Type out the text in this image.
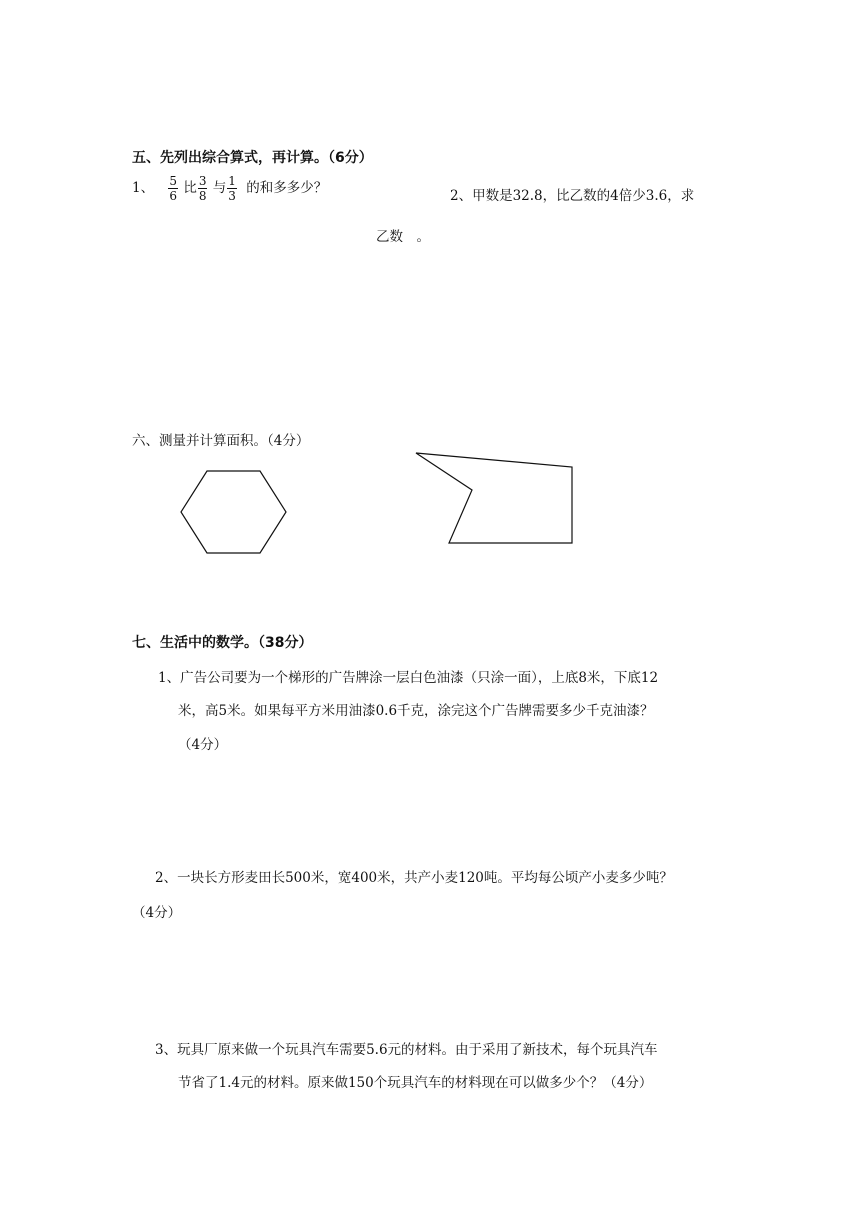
五、先列出综合算式，再计算。（6分）
1、 $\frac{5}{6}$ 比 $\frac{3}{8}$ 与 $\frac{1}{3}$ 的和多多少？	2、甲数是32.8，比乙数的4倍少3.6，求
乙数　。
六、测量并计算面积。（4分）
七、生活中的数学。（38分）
1、广告公司要为一个梯形的广告牌涂一层白色油漆（只涂一面），上底8米，下底12
米，高5米。如果每平方米用油漆0.6千克，涂完这个广告牌需要多少千克油漆？
（4分）
2、一块长方形麦田长500米，宽400米，共产小麦120吨。平均每公顷产小麦多少吨？
（4分）
3、玩具厂原来做一个玩具汽车需要5.6元的材料。由于采用了新技术，每个玩具汽车
节省了1.4元的材料。原来做150个玩具汽车的材料现在可以做多少个？（4分）
